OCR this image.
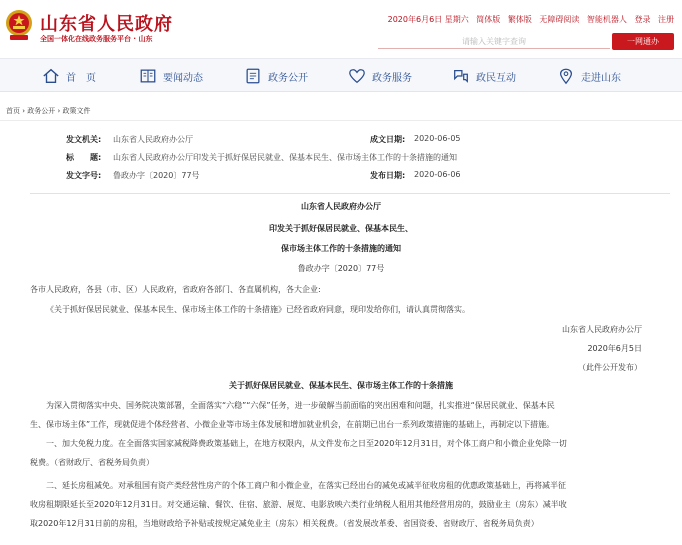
山东省人民政府
全国一体化在线政务服务平台 · 山东
2020年6月6日 星期六 简体版 繁体版 无障碍阅读 智能机器人 登录 注册
请输入关键字查询
一网通办
首　页	要闻动态	政务公开	政务服务	政民互动	走进山东
首页 › 政务公开 › 政策文件
发文机关: 山东省人民政府办公厅	成文日期: 2020-06-05
标　　题: 山东省人民政府办公厅印发关于抓好保居民就业、保基本民生、保市场主体工作的十条措施的通知
发文字号: 鲁政办字〔2020〕77号	发布日期: 2020-06-06
山东省人民政府办公厅
印发关于抓好保居民就业、保基本民生、
保市场主体工作的十条措施的通知
鲁政办字〔2020〕77号
各市人民政府，各县（市、区）人民政府，省政府各部门、各直属机构，各大企业:
《关于抓好保居民就业、保基本民生、保市场主体工作的十条措施》已经省政府同意，现印发给你们，请认真贯彻落实。
山东省人民政府办公厅
2020年6月5日
（此件公开发布）
关于抓好保居民就业、保基本民生、保市场主体工作的十条措施
为深入贯彻落实中央、国务院决策部署，全面落实“六稳”“六保”任务，进一步破解当前面临的突出困难和问题，扎实推进“保居民就业、保基本民
生、保市场主体”工作，现就促进个体经营者、小微企业等市场主体发展和增加就业机会，在前期已出台一系列政策措施的基础上，再制定以下措施。
一、加大免税力度。在全面落实国家减税降费政策基础上，在地方权限内，从文件发布之日至2020年12月31日，对个体工商户和小微企业免除一切
税费。（省财政厅、省税务局负责）
二、延长房租减免。对承租国有资产类经营性房产的个体工商户和小微企业，在落实已经出台的减免或减半征收房租的优惠政策基础上，再将减半征
收房租期限延长至2020年12月31日。对交通运输、餐饮、住宿、旅游、展览、电影放映六类行业纳税人租用其他经营用房的，鼓励业主（房东）减半收
取2020年12月31日前的房租，当地财政给予补贴或按规定减免业主（房东）相关税费。（省发展改革委、省国资委、省财政厅、省税务局负责）
